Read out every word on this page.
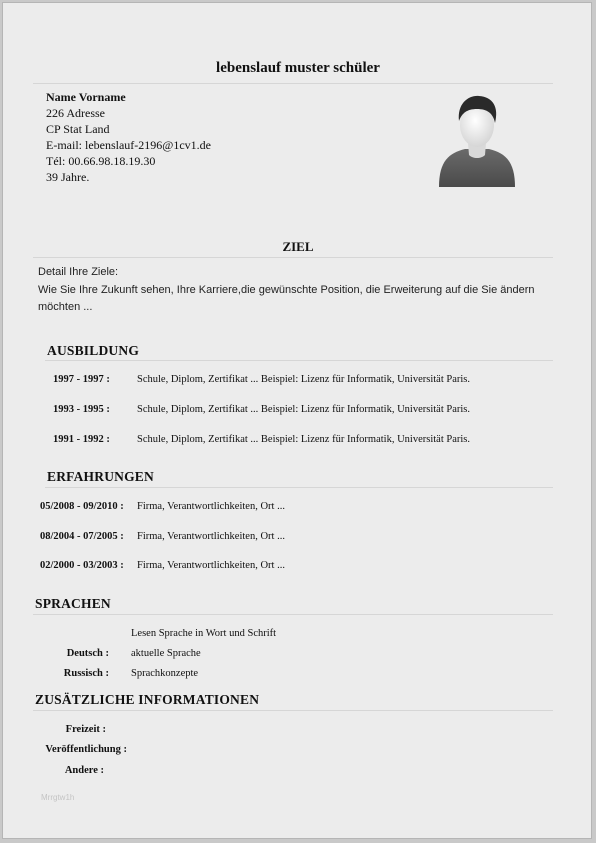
lebenslauf muster schüler
Name Vorname
226 Adresse
CP Stat Land
E-mail: lebenslauf-2196@1cv1.de
Tél: 00.66.98.18.19.30
39 Jahre.
ZIEL
Detail Ihre Ziele:
Wie Sie Ihre Zukunft sehen, Ihre Karriere,die gewünschte Position, die Erweiterung auf die Sie ändern
möchten ...
AUSBILDUNG
1997 - 1997 :	Schule, Diplom, Zertifikat ... Beispiel: Lizenz für Informatik, Universität Paris.
1993 - 1995 :	Schule, Diplom, Zertifikat ... Beispiel: Lizenz für Informatik, Universität Paris.
1991 - 1992 :	Schule, Diplom, Zertifikat ... Beispiel: Lizenz für Informatik, Universität Paris.
ERFAHRUNGEN
05/2008 - 09/2010 : Firma, Verantwortlichkeiten, Ort ...
08/2004 - 07/2005 : Firma, Verantwortlichkeiten, Ort ...
02/2000 - 03/2003 : Firma, Verantwortlichkeiten, Ort ...
SPRACHEN
Lesen Sprache in Wort und Schrift
Deutsch : aktuelle Sprache
Russisch : Sprachkonzepte
ZUSÄTZLICHE INFORMATIONEN
Freizeit :
Veröffentlichung :
Andere :
Mrrgtw1h
